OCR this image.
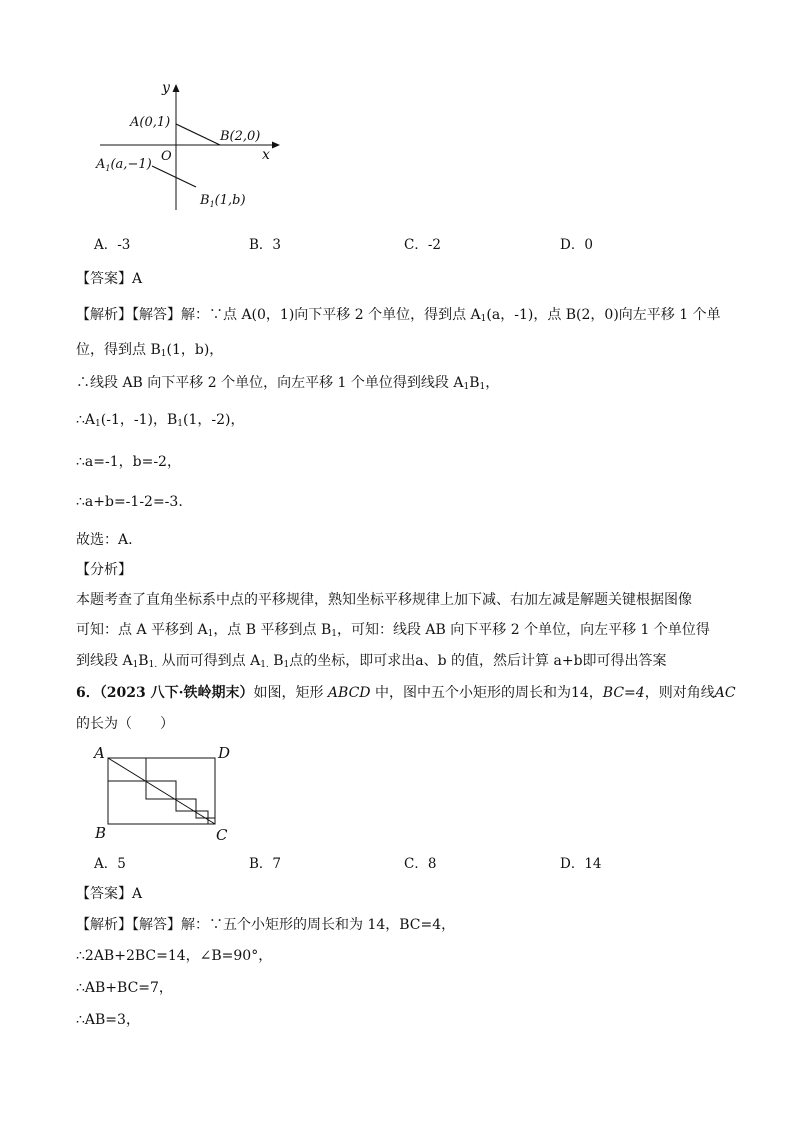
y
x
O
A(0,1)
B(2,0)
$A_1(a,-1)$
$B_1(1,b)$
A．-3	B．3	C．-2	D．0
【答案】A
【解析】【解答】解：∵点 A(0，1)向下平移 2 个单位，得到点 $A_1(a$，-1)，点 B(2，0)向左平移 1 个单
位，得到点 $B_1(1$，b)，
∴线段 AB 向下平移 2 个单位，向左平移 1 个单位得到线段 $A_1B_1$，
$\therefore A_1(-1$，-1)，$B_1(1$，-2)，
∴a=-1，b=-2，
∴a+b=-1-2=-3.
故选：A.
【分析】
本题考查了直角坐标系中点的平移规律，熟知坐标平移规律上加下减、右加左减是解题关键根据图像
可知：点 A 平移到 $A_1$，点 B 平移到点 $B_1$，可知：线段 AB 向下平移 2 个单位，向左平移 1 个单位得
到线段 $A_1B_{1.}$ 从而可得到点 $A_{1.}$ $B_1$点的坐标，即可求出a、b 的值，然后计算 a+b即可得出答案
6．（2023 八下·铁岭期末）如图，矩形 ABCD 中，图中五个小矩形的周长和为14，BC=4，则对角线AC
的长为（　　）
A	D
B	C
A．5	B．7	C．8	D．14
【答案】A
【解析】【解答】解：∵五个小矩形的周长和为 14，BC=4，
∴2AB+2BC=14，∠B=90°，
∴AB+BC=7，
∴AB=3，
